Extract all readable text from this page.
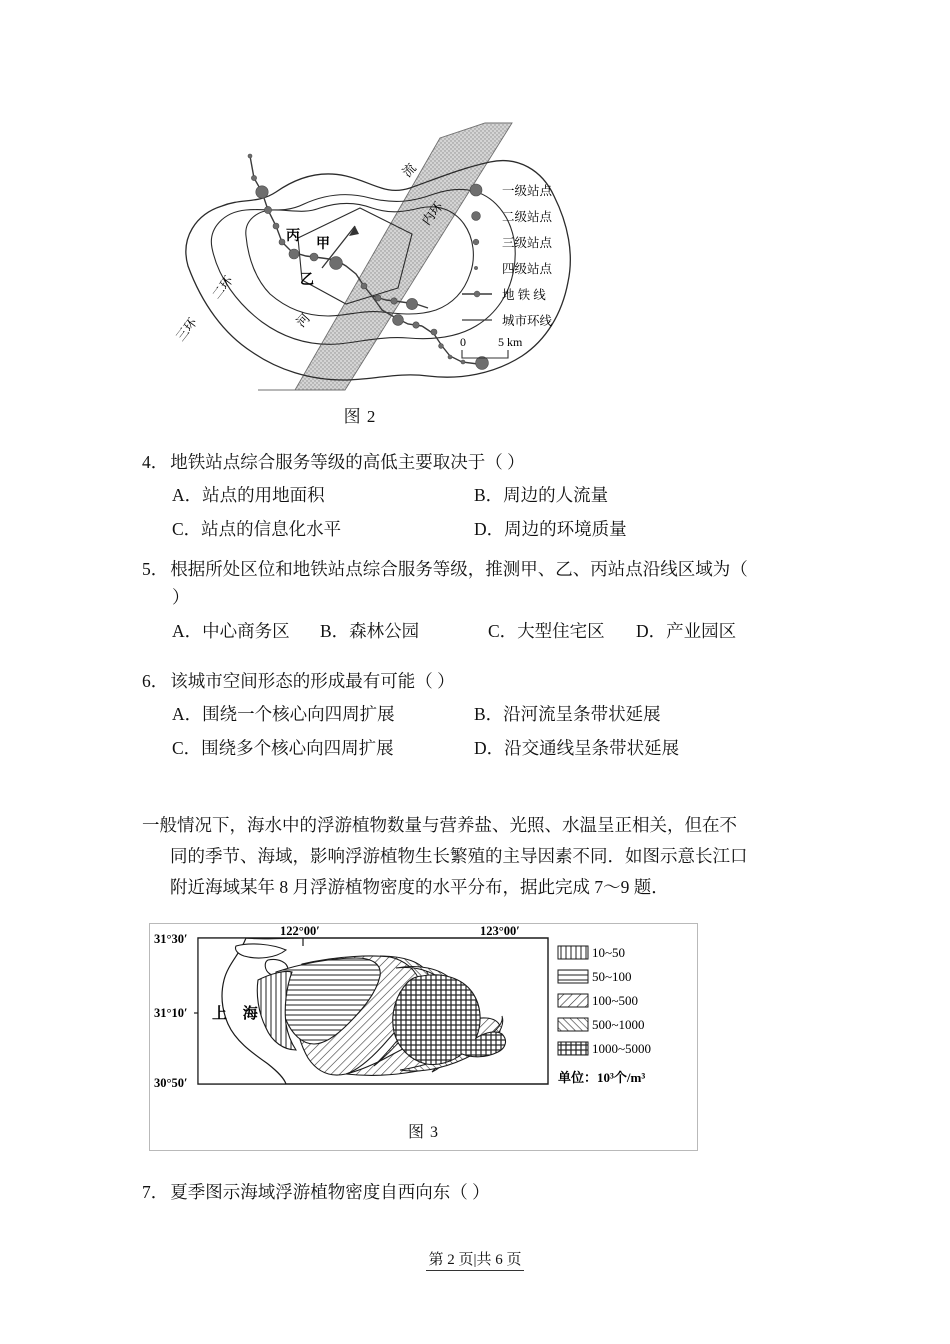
流
河
丙
甲
乙
内环
二环
三环
一级站点
二级站点
三级站点
四级站点
地 铁 线
城市环线
0	5 km
图 2
4． 地铁站点综合服务等级的高低主要取决于（ ）
A．站点的用地面积	B．周边的人流量
C．站点的信息化水平	D．周边的环境质量
5． 根据所处区位和地铁站点综合服务等级，推测甲、乙、丙站点沿线区域为（
）
A．中心商务区	B．森林公园	C．大型住宅区	D．产业园区
6． 该城市空间形态的形成最有可能（ ）
A．围绕一个核心向四周扩展	B．沿河流呈条带状延展
C．围绕多个核心向四周扩展	D．沿交通线呈条带状延展

一般情况下，海水中的浮游植物数量与营养盐、光照、水温呈正相关，但在不

同的季节、海域，影响浮游植物生长繁殖的主导因素不同．如图示意长江口

附近海域某年 8 月浮游植物密度的水平分布，据此完成 7～9 题．

31°30′
31°10′
30°50′
122°00′	123°00′
上 海
10~50
50~100
100~500
500~1000
1000~5000
单位：10³个/m³
图 3
7． 夏季图示海域浮游植物密度自西向东（ ）
第 2 页|共 6 页
